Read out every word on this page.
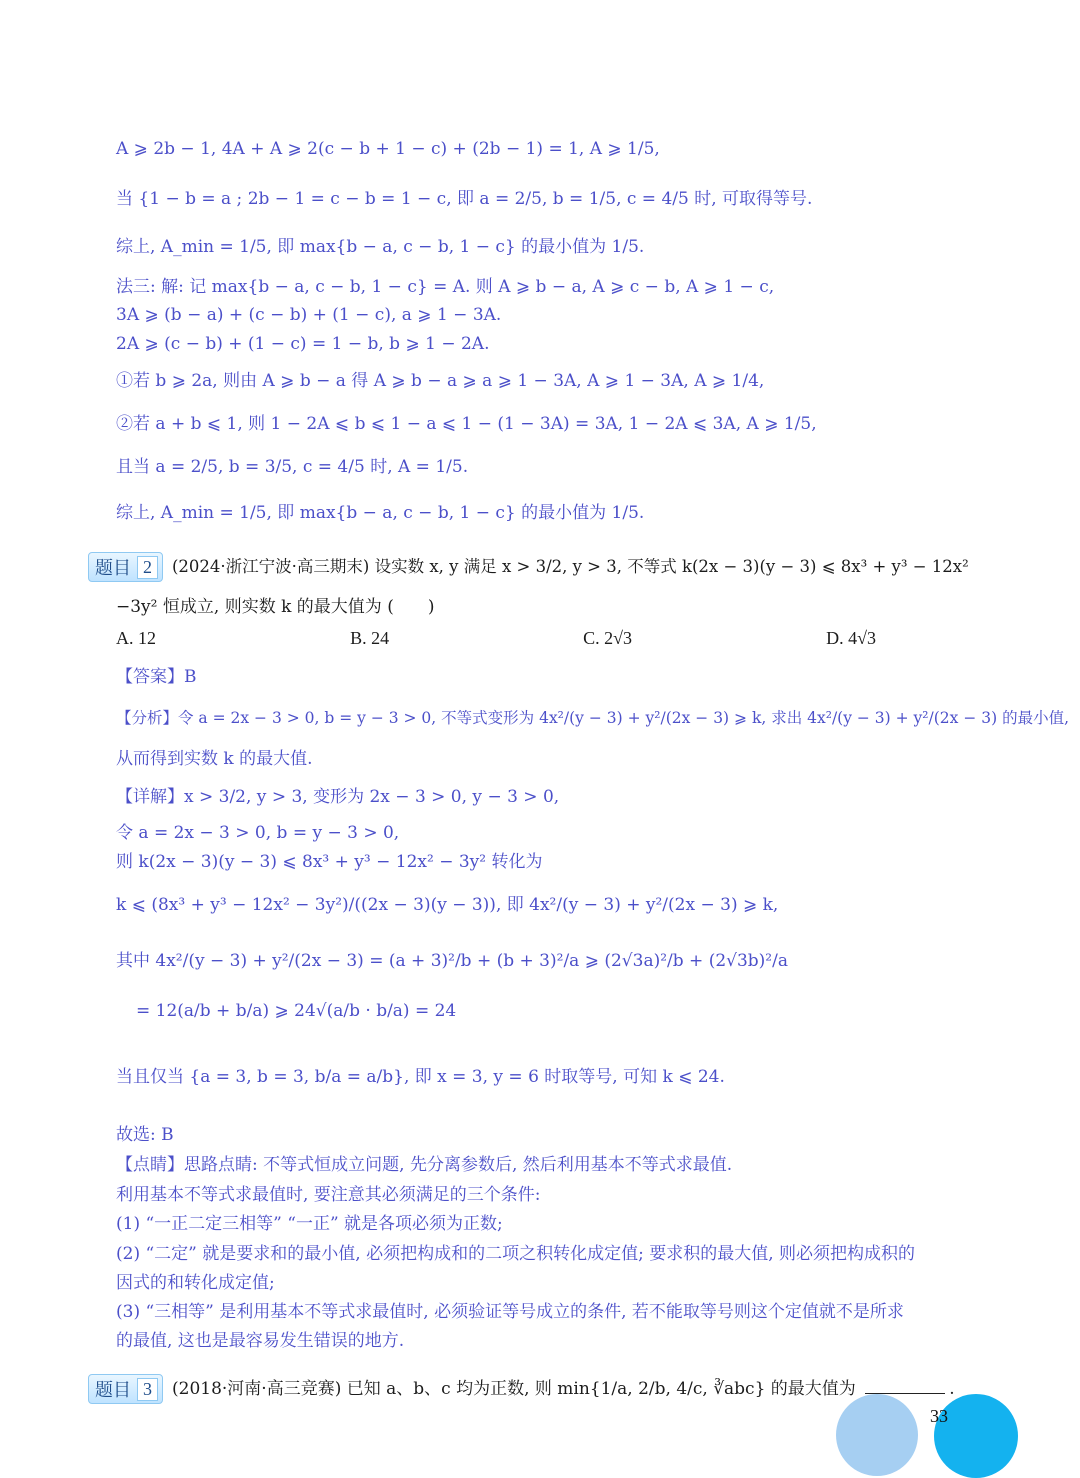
A ⩾ 2b − 1, 4A + A ⩾ 2(c − b + 1 − c) + (2b − 1) = 1, A ⩾ 1/5,
当 {1 − b = a ; 2b − 1 = c − b = 1 − c, 即 a = 2/5, b = 1/5, c = 4/5 时, 可取得等号.
综上, A_min = 1/5, 即 max{b − a, c − b, 1 − c} 的最小值为 1/5.
法三: 解: 记 max{b − a, c − b, 1 − c} = A. 则 A ⩾ b − a, A ⩾ c − b, A ⩾ 1 − c,
3A ⩾ (b − a) + (c − b) + (1 − c), a ⩾ 1 − 3A.
2A ⩾ (c − b) + (1 − c) = 1 − b, b ⩾ 1 − 2A.
①若 b ⩾ 2a, 则由 A ⩾ b − a 得 A ⩾ b − a ⩾ a ⩾ 1 − 3A, A ⩾ 1 − 3A, A ⩾ 1/4,
②若 a + b ⩽ 1, 则 1 − 2A ⩽ b ⩽ 1 − a ⩽ 1 − (1 − 3A) = 3A, 1 − 2A ⩽ 3A, A ⩾ 1/5,
且当 a = 2/5, b = 3/5, c = 4/5 时, A = 1/5.
综上, A_min = 1/5, 即 max{b − a, c − b, 1 − c} 的最小值为 1/5.
题目 2	(2024·浙江宁波·高三期末) 设实数 x, y 满足 x > 3/2, y > 3, 不等式 k(2x − 3)(y − 3) ⩽ 8x³ + y³ − 12x²
−3y² 恒成立, 则实数 k 的最大值为 (　　)
A. 12	B. 24	C. 2√3	D. 4√3
【答案】B
【分析】令 a = 2x − 3 > 0, b = y − 3 > 0, 不等式变形为 4x²/(y − 3) + y²/(2x − 3) ⩾ k, 求出 4x²/(y − 3) + y²/(2x − 3) 的最小值,
从而得到实数 k 的最大值.
【详解】x > 3/2, y > 3, 变形为 2x − 3 > 0, y − 3 > 0,
令 a = 2x − 3 > 0, b = y − 3 > 0,
则 k(2x − 3)(y − 3) ⩽ 8x³ + y³ − 12x² − 3y² 转化为
k ⩽ (8x³ + y³ − 12x² − 3y²)/((2x − 3)(y − 3)), 即 4x²/(y − 3) + y²/(2x − 3) ⩾ k,
其中 4x²/(y − 3) + y²/(2x − 3) = (a + 3)²/b + (b + 3)²/a ⩾ (2√3a)²/b + (2√3b)²/a
= 12(a/b + b/a) ⩾ 24√(a/b · b/a) = 24
当且仅当 {a = 3, b = 3, b/a = a/b}, 即 x = 3, y = 6 时取等号, 可知 k ⩽ 24.
故选: B
【点睛】思路点睛: 不等式恒成立问题, 先分离参数后, 然后利用基本不等式求最值.
利用基本不等式求最值时, 要注意其必须满足的三个条件:
(1) “一正二定三相等” “一正” 就是各项必须为正数;
(2) “二定” 就是要求和的最小值, 必须把构成和的二项之积转化成定值; 要求积的最大值, 则必须把构成积的
因式的和转化成定值;
(3) “三相等” 是利用基本不等式求最值时, 必须验证等号成立的条件, 若不能取等号则这个定值就不是所求
的最值, 这也是最容易发生错误的地方.
题目 3	(2018·河南·高三竞赛) 已知 a、b、c 均为正数, 则 min{1/a, 2/b, 4/c, ∛abc} 的最大值为	.
33
